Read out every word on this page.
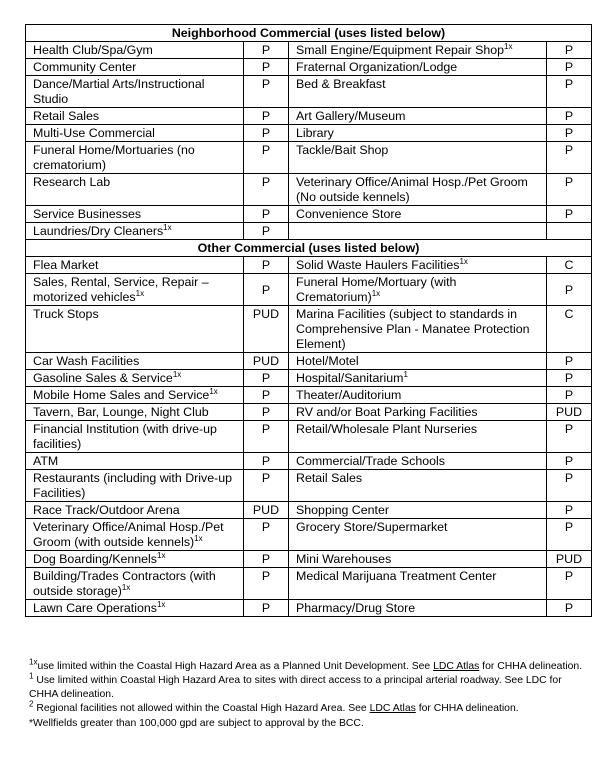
Neighborhood Commercial (uses listed below)			
Health Club/Spa/Gym	P	Small Engine/Equipment Repair Shop$^{1x}$	P
Community Center	P	Fraternal Organization/Lodge	P
Dance/Martial Arts/Instructional Studio	P	Bed & Breakfast	P
Retail Sales	P	Art Gallery/Museum	P
Multi-Use Commercial	P	Library	P
Funeral Home/Mortuaries (no crematorium)	P	Tackle/Bait Shop	P
Research Lab	P	Veterinary Office/Animal Hosp./Pet Groom (No outside kennels)	P
Service Businesses	P	Convenience Store	P
Laundries/Dry Cleaners$^{1x}$	P		
Other Commercial (uses listed below)			
Flea Market	P	Solid Waste Haulers Facilities$^{1x}$	C
Sales, Rental, Service, Repair – motorized vehicles$^{1x}$	P	Funeral Home/Mortuary (with Crematorium)$^{1x}$	P
Truck Stops	PUD	Marina Facilities (subject to standards in Comprehensive Plan - Manatee Protection Element)	C
Car Wash Facilities	PUD	Hotel/Motel	P
Gasoline Sales & Service$^{1x}$	P	Hospital/Sanitarium$^1$	P
Mobile Home Sales and Service$^{1x}$	P	Theater/Auditorium	P
Tavern, Bar, Lounge, Night Club	P	RV and/or Boat Parking Facilities	PUD
Financial Institution (with drive-up facilities)	P	Retail/Wholesale Plant Nurseries	P
ATM	P	Commercial/Trade Schools	P
Restaurants (including with Drive-up Facilities)	P	Retail Sales	P
Race Track/Outdoor Arena	PUD	Shopping Center	P
Veterinary Office/Animal Hosp./Pet Groom (with outside kennels)$^{1x}$	P	Grocery Store/Supermarket	P
Dog Boarding/Kennels$^{1x}$	P	Mini Warehouses	PUD
Building/Trades Contractors (with outside storage)$^{1x}$	P	Medical Marijuana Treatment Center	P
Lawn Care Operations$^{1x}$	P	Pharmacy/Drug Store	P

$^{1x}$use limited within the Coastal High Hazard Area as a Planned Unit Development. See LDC Atlas for CHHA delineation.

$^1$ Use limited within Coastal High Hazard Area to sites with direct access to a principal arterial roadway. See LDC for CHHA delineation.

$^2$ Regional facilities not allowed within the Coastal High Hazard Area. See LDC Atlas for CHHA delineation.

*Wellfields greater than 100,000 gpd are subject to approval by the BCC.
